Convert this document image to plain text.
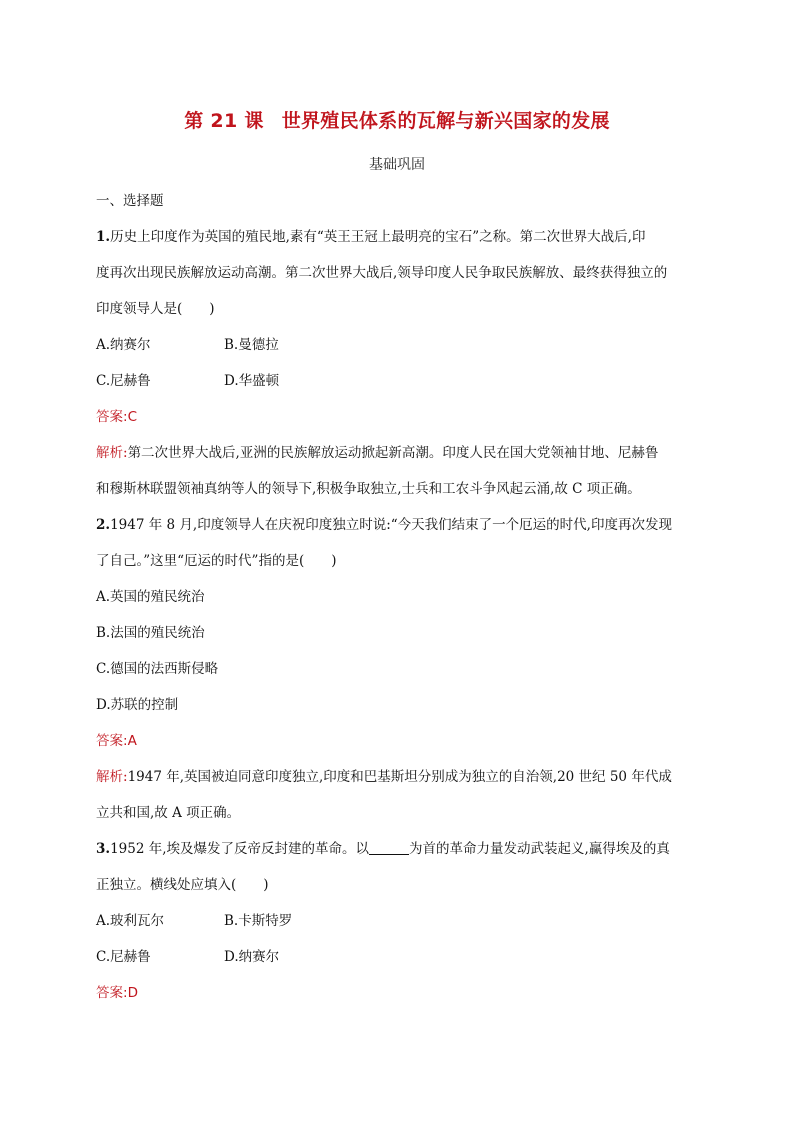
第 21 课 世界殖民体系的瓦解与新兴国家的发展
基础巩固
一、选择题
1.历史上印度作为英国的殖民地,素有“英王王冠上最明亮的宝石”之称。第二次世界大战后,印
度再次出现民族解放运动高潮。第二次世界大战后,领导印度人民争取民族解放、最终获得独立的
印度领导人是(　　)
A.纳赛尔	B.曼德拉
C.尼赫鲁	D.华盛顿
答案:C
解析:第二次世界大战后,亚洲的民族解放运动掀起新高潮。印度人民在国大党领袖甘地、尼赫鲁
和穆斯林联盟领袖真纳等人的领导下,积极争取独立,士兵和工农斗争风起云涌,故 C 项正确。
2.1947 年 8 月,印度领导人在庆祝印度独立时说:“今天我们结束了一个厄运的时代,印度再次发现
了自己。”这里“厄运的时代”指的是(　　)
A.英国的殖民统治
B.法国的殖民统治
C.德国的法西斯侵略
D.苏联的控制
答案:A
解析:1947 年,英国被迫同意印度独立,印度和巴基斯坦分别成为独立的自治领,20 世纪 50 年代成
立共和国,故 A 项正确。
3.1952 年,埃及爆发了反帝反封建的革命。以	为首的革命力量发动武装起义,赢得埃及的真
正独立。横线处应填入(　　)
A.玻利瓦尔	B.卡斯特罗
C.尼赫鲁	D.纳赛尔
答案:D
